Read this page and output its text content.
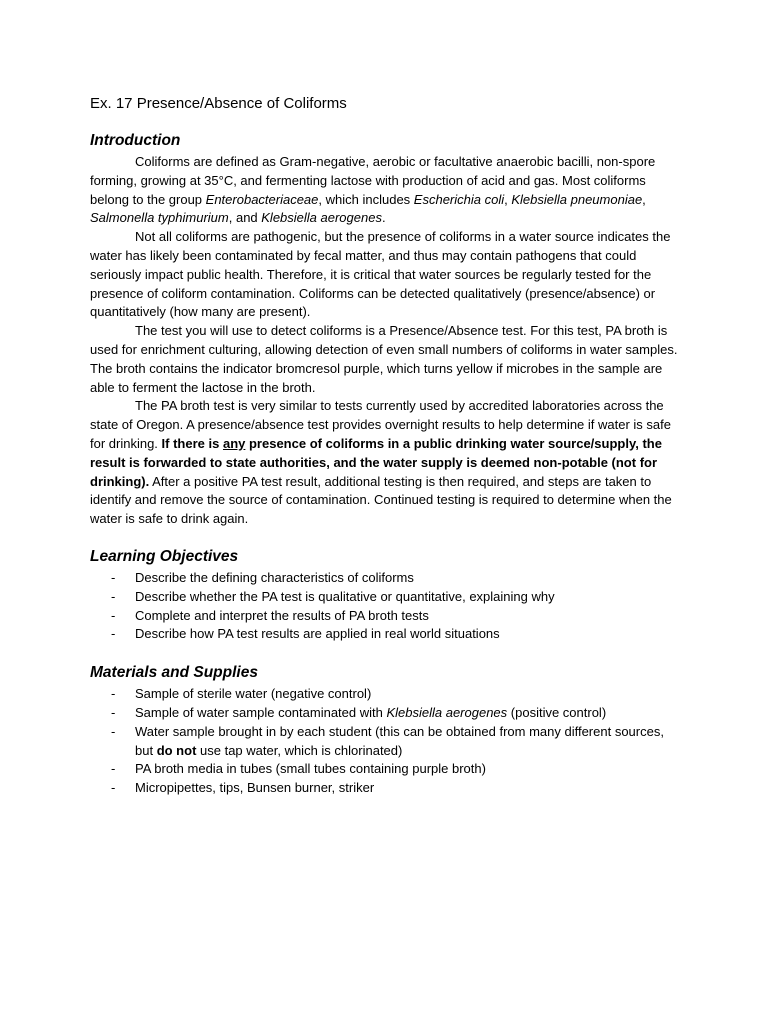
Ex. 17 Presence/Absence of Coliforms
Introduction

Coliforms are defined as Gram-negative, aerobic or facultative anaerobic bacilli, non-spore forming, growing at 35°C, and fermenting lactose with production of acid and gas. Most coliforms belong to the group Enterobacteriaceae, which includes Escherichia coli, Klebsiella pneumoniae, Salmonella typhimurium, and Klebsiella aerogenes.

Not all coliforms are pathogenic, but the presence of coliforms in a water source indicates the water has likely been contaminated by fecal matter, and thus may contain pathogens that could seriously impact public health. Therefore, it is critical that water sources be regularly tested for the presence of coliform contamination. Coliforms can be detected qualitatively (presence/absence) or quantitatively (how many are present).

The test you will use to detect coliforms is a Presence/Absence test. For this test, PA broth is used for enrichment culturing, allowing detection of even small numbers of coliforms in water samples. The broth contains the indicator bromcresol purple, which turns yellow if microbes in the sample are able to ferment the lactose in the broth.

The PA broth test is very similar to tests currently used by accredited laboratories across the state of Oregon. A presence/absence test provides overnight results to help determine if water is safe for drinking. If there is any presence of coliforms in a public drinking water source/supply, the result is forwarded to state authorities, and the water supply is deemed non-potable (not for drinking). After a positive PA test result, additional testing is then required, and steps are taken to identify and remove the source of contamination. Continued testing is required to determine when the water is safe to drink again.

Learning Objectives
- Describe the defining characteristics of coliforms
- Describe whether the PA test is qualitative or quantitative, explaining why
- Complete and interpret the results of PA broth tests
- Describe how PA test results are applied in real world situations
Materials and Supplies
- Sample of sterile water (negative control)
- Sample of water sample contaminated with Klebsiella aerogenes (positive control)
- Water sample brought in by each student (this can be obtained from many different sources, but do not use tap water, which is chlorinated)
- PA broth media in tubes (small tubes containing purple broth)
- Micropipettes, tips, Bunsen burner, striker
